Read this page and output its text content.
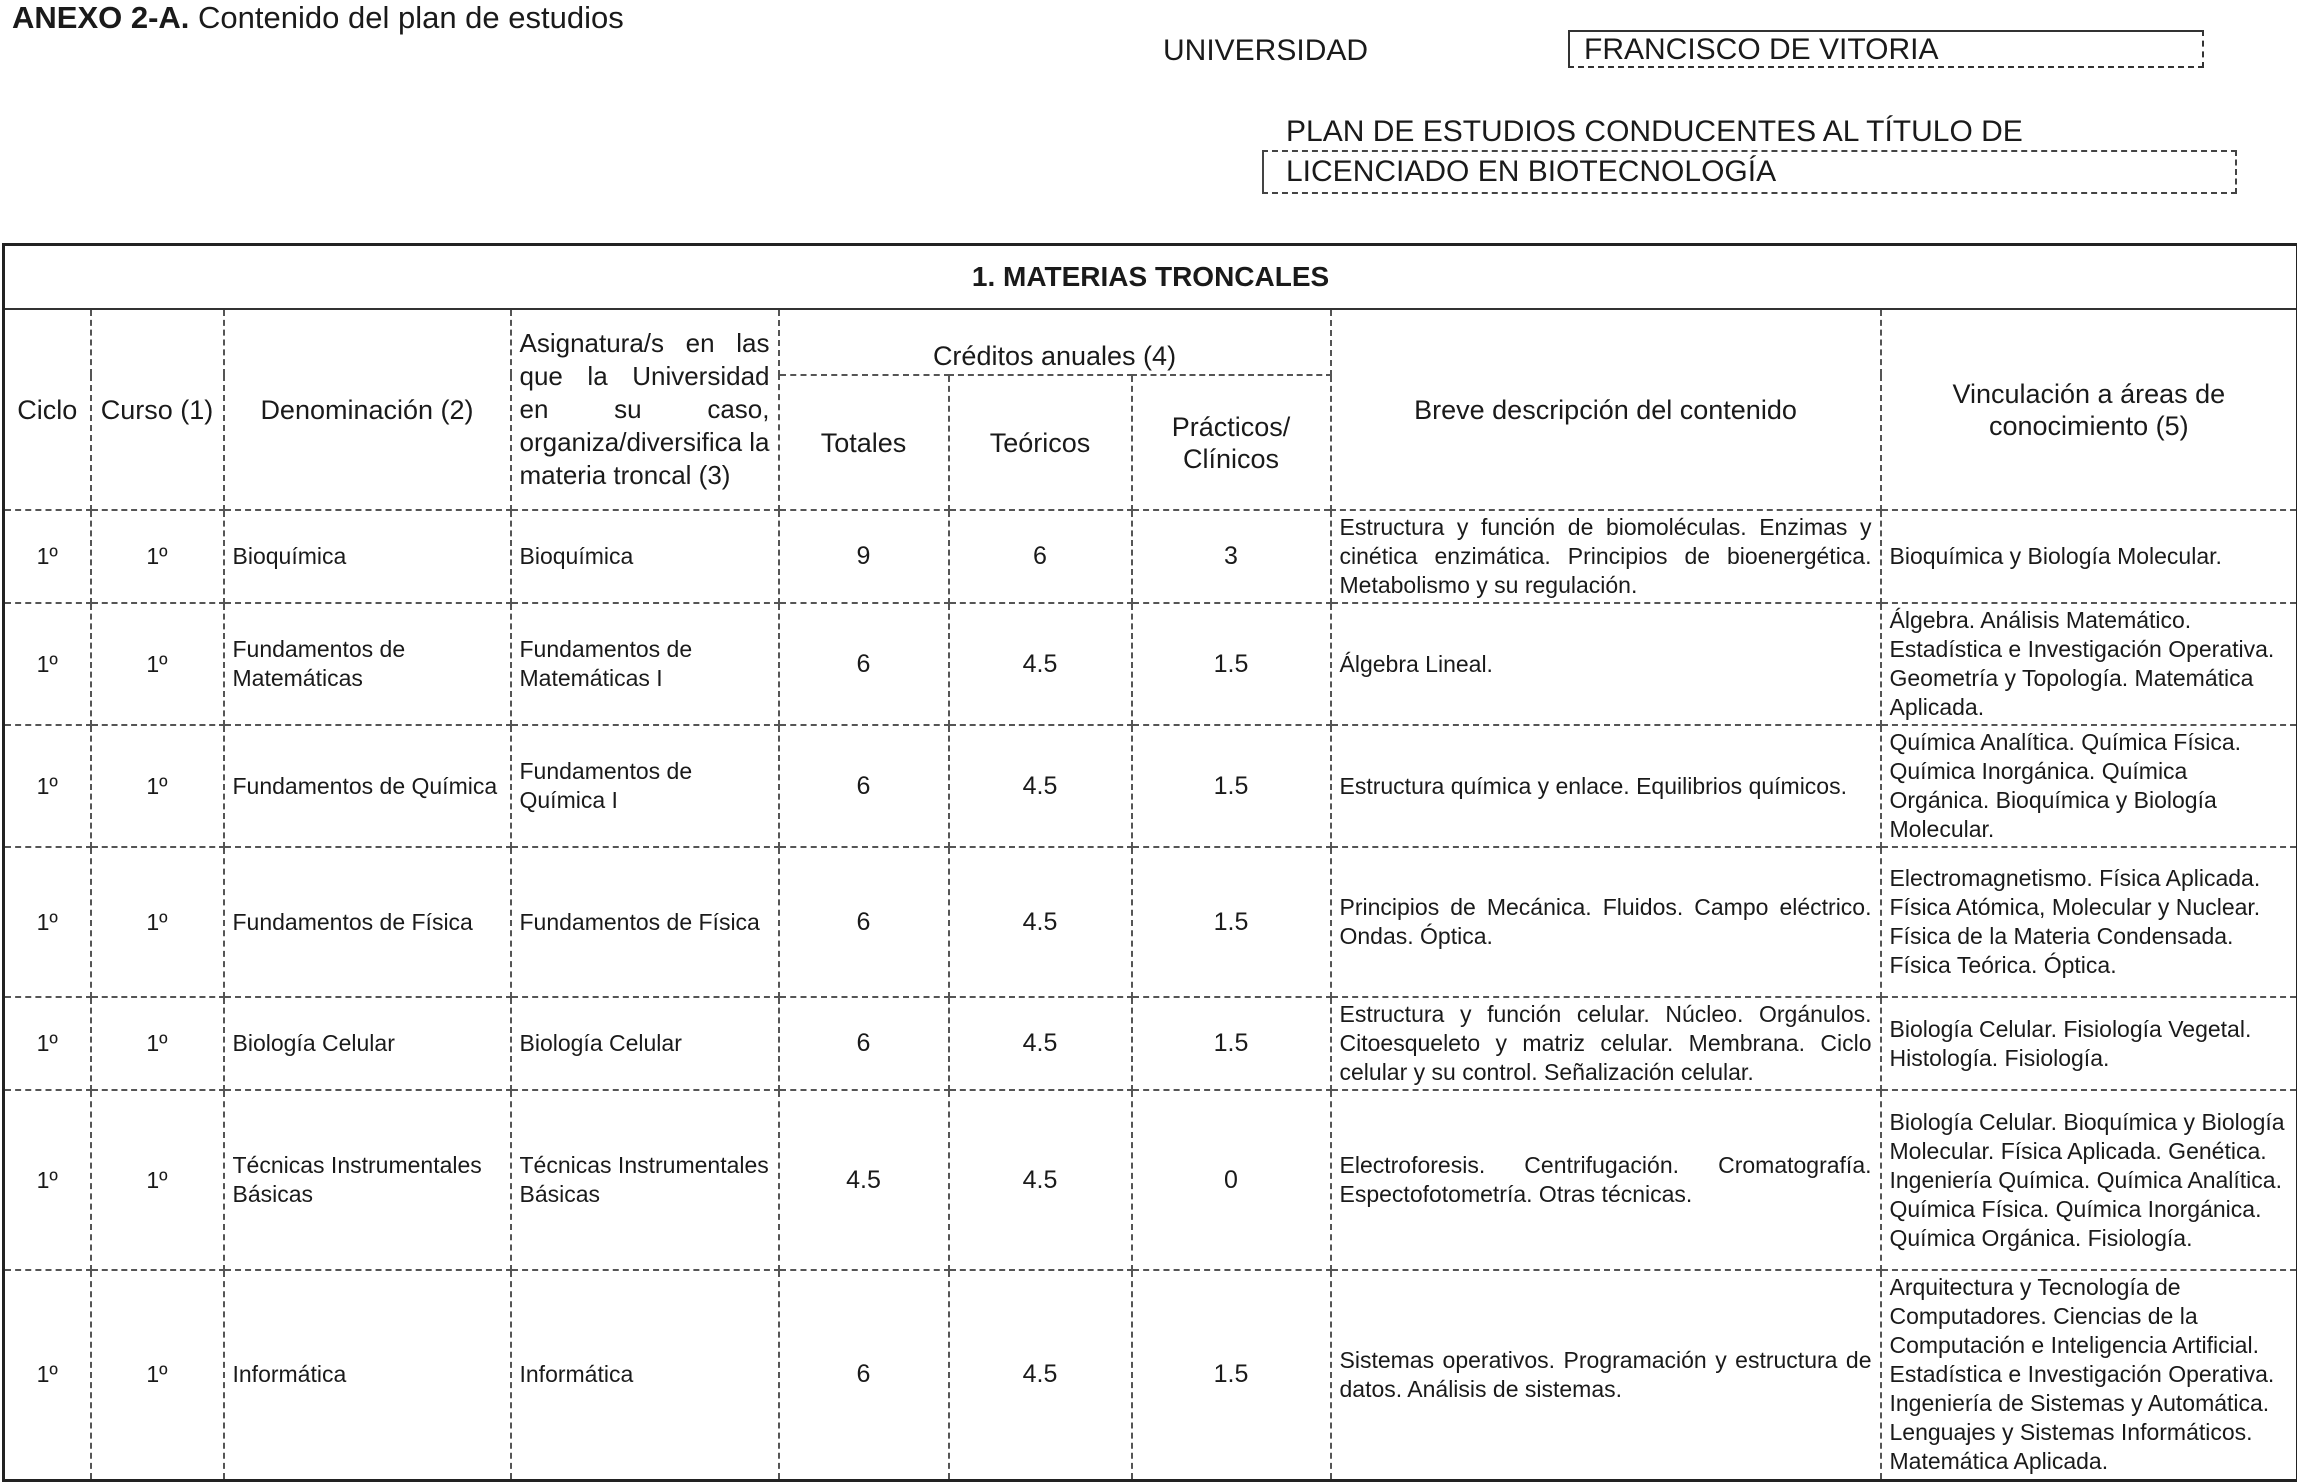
ANEXO 2-A. Contenido del plan de estudios
UNIVERSIDAD	FRANCISCO DE VITORIA
PLAN DE ESTUDIOS CONDUCENTES AL TÍTULO DE
LICENCIADO EN BIOTECNOLOGÍA
1. MATERIAS TRONCALES								
Ciclo	Curso (1)	Denominación (2)	Asignatura/s en las que la Universidad en su caso, organiza/diversifica la materia troncal (3)	Créditos anuales (4)			Breve descripción del contenido	Vinculación a áreas de conocimiento (5)
				Totales	Teóricos	Prácticos/ Clínicos		
1º	1º	Bioquímica	Bioquímica	9	6	3	Estructura y función de biomoléculas. Enzimas y cinética enzimática. Principios de bioenergética. Metabolismo y su regulación.	Bioquímica y Biología Molecular.
1º	1º	Fundamentos de Matemáticas	Fundamentos de Matemáticas I	6	4.5	1.5	Álgebra Lineal.	Álgebra. Análisis Matemático. Estadística e Investigación Operativa. Geometría y Topología. Matemática Aplicada.
1º	1º	Fundamentos de Química	Fundamentos de Química I	6	4.5	1.5	Estructura química y enlace. Equilibrios químicos.	Química Analítica. Química Física. Química Inorgánica. Química Orgánica. Bioquímica y Biología Molecular.
1º	1º	Fundamentos de Física	Fundamentos de Física	6	4.5	1.5	Principios de Mecánica. Fluidos. Campo eléctrico. Ondas. Óptica.	Electromagnetismo. Física Aplicada. Física Atómica, Molecular y Nuclear. Física de la Materia Condensada. Física Teórica. Óptica.
1º	1º	Biología Celular	Biología Celular	6	4.5	1.5	Estructura y función celular. Núcleo. Orgánulos. Citoesqueleto y matriz celular. Membrana. Ciclo celular y su control. Señalización celular.	Biología Celular. Fisiología Vegetal. Histología. Fisiología.
1º	1º	Técnicas Instrumentales Básicas	Técnicas Instrumentales Básicas	4.5	4.5	0	Electroforesis. Centrifugación. Cromatografía. Espectofotometría. Otras técnicas.	Biología Celular. Bioquímica y Biología Molecular. Física Aplicada. Genética. Ingeniería Química. Química Analítica. Química Física. Química Inorgánica. Química Orgánica. Fisiología.
1º	1º	Informática	Informática	6	4.5	1.5	Sistemas operativos. Programación y estructura de datos. Análisis de sistemas.	Arquitectura y Tecnología de Computadores. Ciencias de la Computación e Inteligencia Artificial. Estadística e Investigación Operativa. Ingeniería de Sistemas y Automática. Lenguajes y Sistemas Informáticos. Matemática Aplicada.
